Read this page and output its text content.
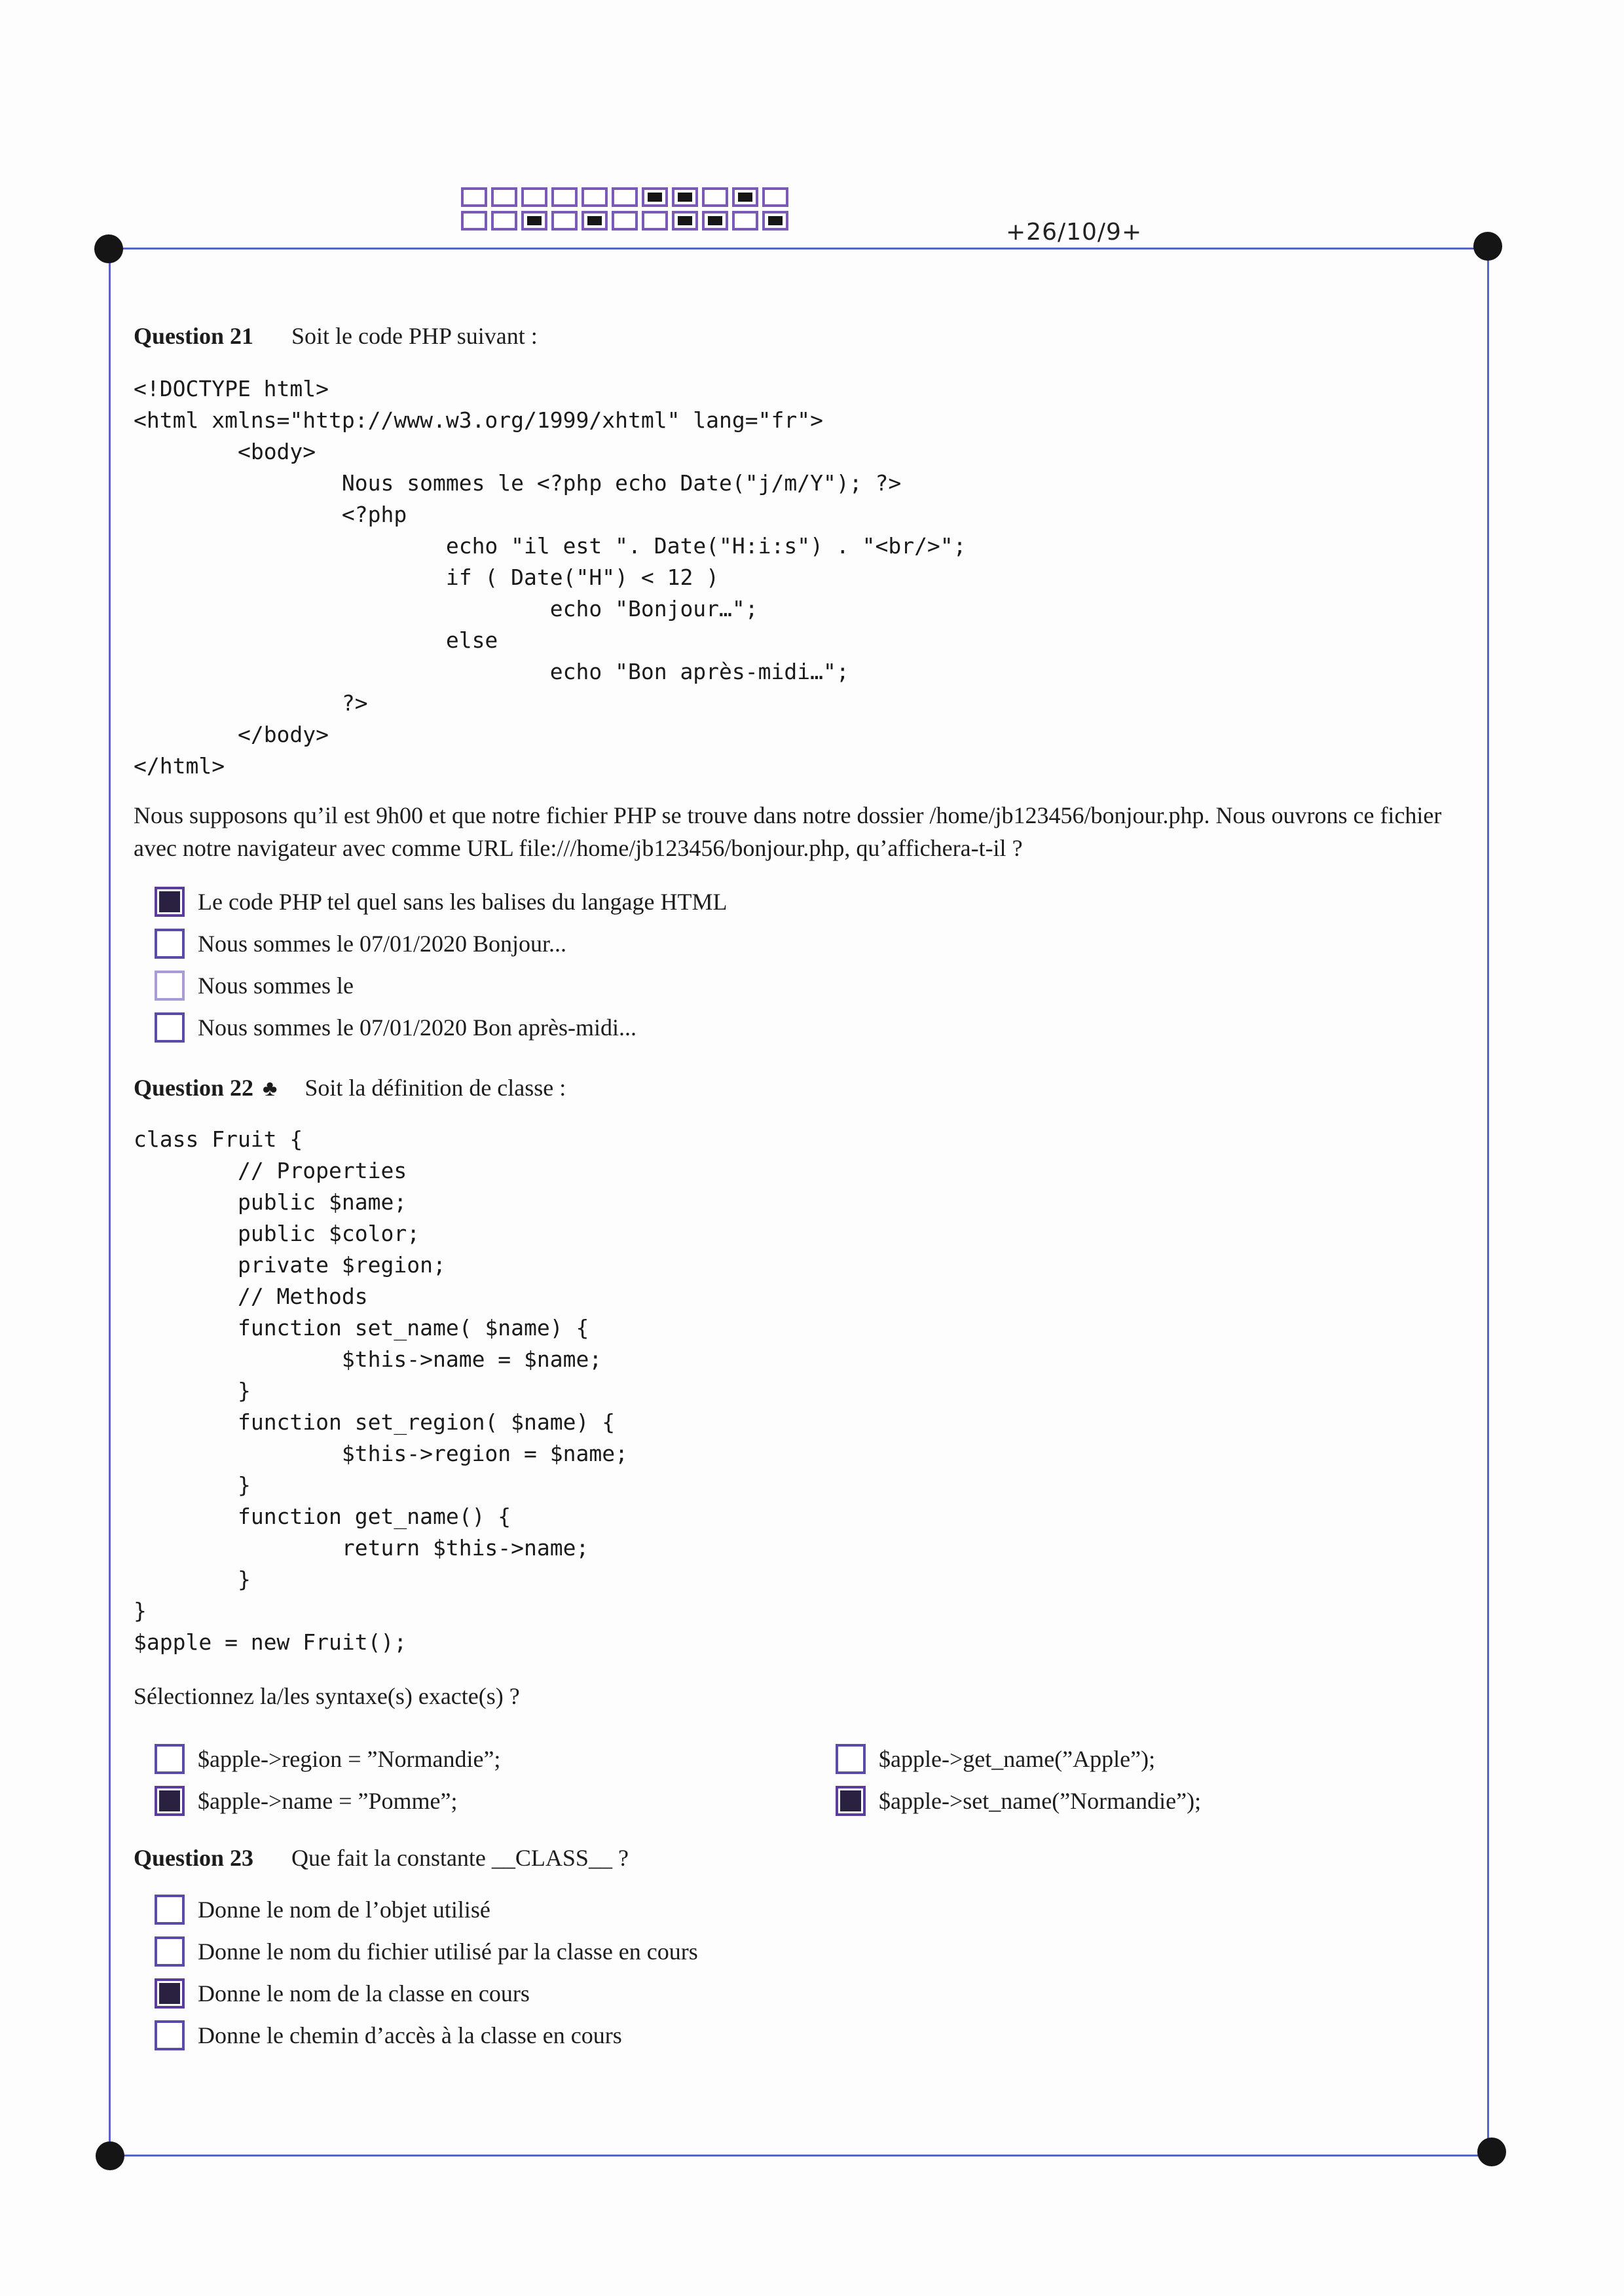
+26/10/9+
Question 21 Soit le code PHP suivant :
<!DOCTYPE html>
<html xmlns="http://www.w3.org/1999/xhtml" lang="fr">
	<body>
		Nous sommes le <?php echo Date("j/m/Y"); ?>
		<?php
			echo "il est ". Date("H:i:s") . "<br/>";
			if ( Date("H") < 12 )
				echo "Bonjour…";
			else
				echo "Bon après-midi…";
		?>
	</body>
</html>
Nous supposons qu’il est 9h00 et que notre fichier PHP se trouve dans notre dossier /home/jb123456/bonjour.php. Nous ouvrons ce fichier avec notre navigateur avec comme URL file:///home/jb123456/bonjour.php, qu’affichera-t-il ?
Le code PHP tel quel sans les balises du langage HTML
Nous sommes le 07/01/2020 Bonjour...
Nous sommes le
Nous sommes le 07/01/2020 Bon après-midi...
Question 22 ♣ Soit la définition de classe :
class Fruit {
	// Properties
	public $name;
	public $color;
	private $region;
	// Methods
	function set_name( $name) {
		$this->name = $name;
	}
	function set_region( $name) {
		$this->region = $name;
	}
	function get_name() {
		return $this->name;
	}
}
$apple = new Fruit();
Sélectionnez la/les syntaxe(s) exacte(s) ?
$apple->region = ”Normandie”;
$apple->name = ”Pomme”;
$apple->get_name(”Apple”);
$apple->set_name(”Normandie”);
Question 23 Que fait la constante __CLASS__ ?
Donne le nom de l’objet utilisé
Donne le nom du fichier utilisé par la classe en cours
Donne le nom de la classe en cours
Donne le chemin d’accès à la classe en cours
